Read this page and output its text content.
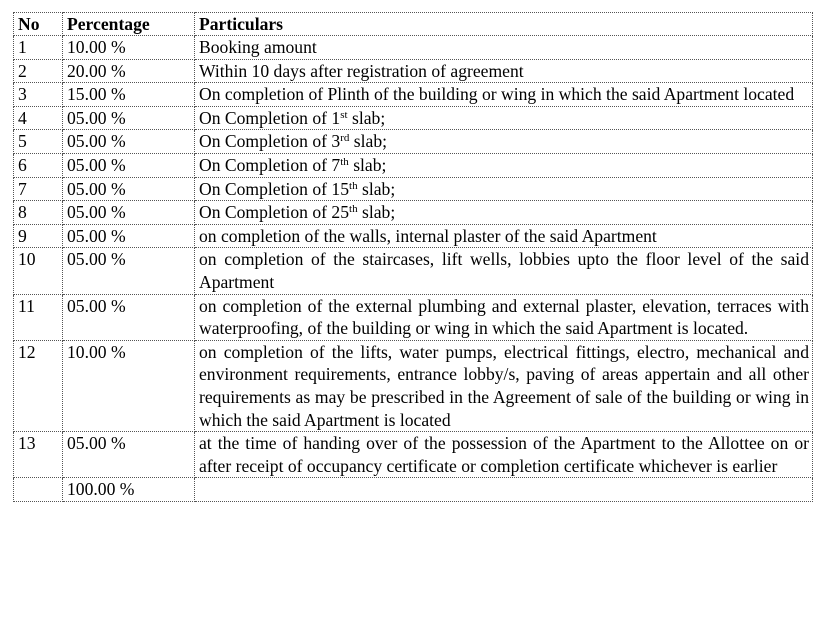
No	Percentage	Particulars
1	10.00 %	Booking amount
2	20.00 %	Within 10 days after registration of agreement
3	15.00 %	On completion of Plinth of the building or wing in which the said Apartment located
4	05.00 %	On Completion of 1st slab;
5	05.00 %	On Completion of 3rd slab;
6	05.00 %	On Completion of 7th slab;
7	05.00 %	On Completion of 15th slab;
8	05.00 %	On Completion of 25th slab;
9	05.00 %	on completion of the walls, internal plaster of the said Apartment
10	05.00 %	on completion of the staircases, lift wells, lobbies upto the floor level of the said Apartment
11	05.00 %	on completion of the external plumbing and external plaster, elevation, terraces with waterproofing, of the building or wing in which the said Apartment is located.
12	10.00 %	on completion of the lifts, water pumps, electrical fittings, electro, mechanical and environment requirements, entrance lobby/s, paving of areas appertain and all other requirements as may be prescribed in the Agreement of sale of the building or wing in which the said Apartment is located
13	05.00 %	at the time of handing over of the possession of the Apartment to the Allottee on or after receipt of occupancy certificate or completion certificate whichever is earlier
	100.00 %	
